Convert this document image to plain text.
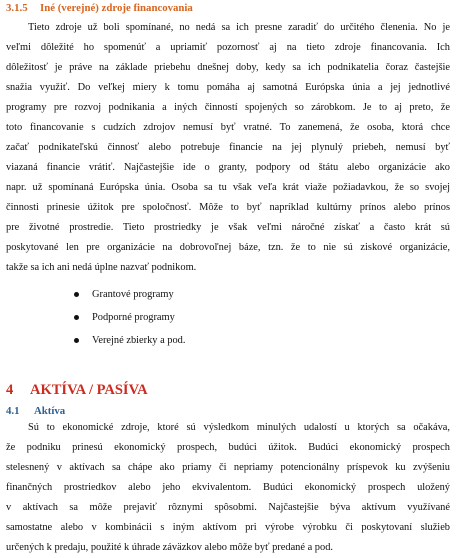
3.1.5 Iné (verejné) zdroje financovania
Tieto zdroje už boli spomínané, no nedá sa ich presne zaradiť do určitého členenia. No je
veľmi dôležité ho spomenúť a upriamiť pozornosť aj na tieto zdroje financovania. Ich
dôležitosť je práve na základe priebehu dnešnej doby, kedy sa ich podnikatelia čoraz častejšie
snažia využiť. Do veľkej miery k tomu pomáha aj samotná Európska únia a jej jednotlivé
programy pre rozvoj podnikania a iných činností spojených so zárobkom. Je to aj preto, že
toto financovanie s cudzích zdrojov nemusí byť vratné. To zanemená, že osoba, ktorá chce
začať podnikateľskú činnosť alebo potrebuje financie na jej plynulý priebeh, nemusí byť
viazaná financie vrátiť. Najčastejšie ide o granty, podpory od štátu alebo organizácie ako
napr. už spomínaná Európska únia. Osoba sa tu však veľa krát viaže požiadavkou, že so svojej
činnosti prinesie úžitok pre spoločnosť. Môže to byť napríklad kultúrny prínos alebo prínos
pre životné prostredie. Tieto prostriedky je však veľmi náročné získať a často krát sú
poskytované len pre organizácie na dobrovoľnej báze, tzn. že to nie sú ziskové organizácie,
takže sa ich ani nedá úplne nazvať podnikom.
Grantové programy
Podporné programy
Verejné zbierky a pod.
4 AKTÍVA / PASÍVA
4.1 Aktíva
Sú to ekonomické zdroje, ktoré sú výsledkom minulých udalostí u ktorých sa očakáva,
že podniku prinesú ekonomický prospech, budúci úžitok. Budúci ekonomický prospech
stelesnený v aktívach sa chápe ako priamy či nepriamy potencionálny príspevok ku zvýšeniu
finančných prostriedkov alebo jeho ekvivalentom. Budúci ekonomický prospech uložený
v aktívach sa môže prejaviť rôznymi spôsobmi. Najčastejšie býva aktívum využívané
samostatne alebo v kombinácii s iným aktívom pri výrobe výrobku či poskytovaní služieb
určených k predaju, použité k úhrade záväzkov alebo môže byť predané a pod.
